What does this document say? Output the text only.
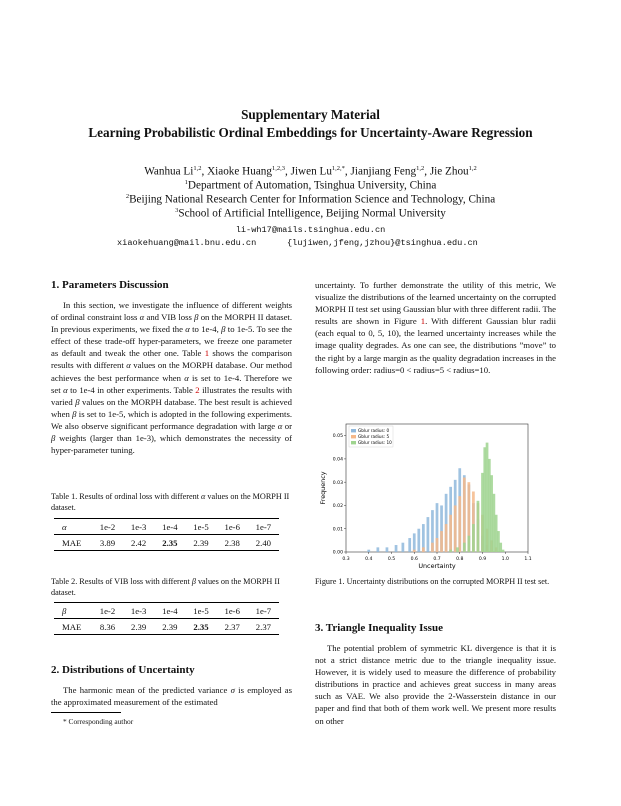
Supplementary Material
Learning Probabilistic Ordinal Embeddings for Uncertainty-Aware Regression
Wanhua Li$^{1,2}$, Xiaoke Huang$^{1,2,3}$, Jiwen $Lu^{1,2,*}$, Jianjiang Feng$^{1,2}$, Jie Zhou$^{1,2}$
$^1$Department of Automation, Tsinghua University, China
$^2$Beijing National Research Center for Information Science and Technology, China
$^3$School of Artificial Intelligence, Beijing Normal University
li-wh17@mails.tsinghua.edu.cn
xiaokehuang@mail.bnu.edu.cn	{lujiwen,jfeng,jzhou}@tsinghua.edu.cn
1. Parameters Discussion

In this section, we investigate the influence of different weights of ordinal constraint loss α and VIB loss β on the MORPH II dataset. In previous experiments, we fixed the α to 1e-4, β to 1e-5. To see the effect of these trade-off hyper-parameters, we freeze one parameter as default and tweak the other one. Table 1 shows the comparison results with different α values on the MORPH database. Our method achieves the best performance when α is set to 1e-4. Therefore we set α to 1e-4 in other experiments. Table 2 illustrates the results with varied β values on the MORPH database. The best result is achieved when β is set to 1e-5, which is adopted in the following experiments. We also observe significant performance degradation with large α or β weights (larger than 1e-3), which demonstrates the necessity of hyper-parameter tuning.

Table 1. Results of ordinal loss with different α values on the MORPH II dataset.
α	1e-2	1e-3	1e-4	1e-5	1e-6	1e-7
MAE	3.89	2.42	2.35	2.39	2.38	2.40
Table 2. Results of VIB loss with different β values on the MORPH II dataset.
β	1e-2	1e-3	1e-4	1e-5	1e-6	1e-7
MAE	8.36	2.39	2.39	2.35	2.37	2.37
2. Distributions of Uncertainty

The harmonic mean of the predicted variance σ is employed as the approximated measurement of the estimated

* Corresponding author

uncertainty. To further demonstrate the utility of this metric, We visualize the distributions of the learned uncertainty on the corrupted MORPH II test set using Gaussian blur with three different radii. The results are shown in Figure 1. With different Gaussian blur radii (each equal to 0, 5, 10), the learned uncertainty increases while the image quality degrades. As one can see, the distributions ”move” to the right by a large margin as the quality degradation increases in the following order: radius=0 < radius=5 < radius=10.

0.3	0.4	0.5	0.6	0.7	0.8	0.9	1.0	1.1
0.00
0.01
0.02
0.03
0.04
0.05
Uncertainty
Frequency
Gblur radius: 0
Gblur radius: 5
Gblur radius: 10
Figure 1. Uncertainty distributions on the corrupted MORPH II test set.
3. Triangle Inequality Issue

The potential problem of symmetric KL divergence is that it is not a strict distance metric due to the triangle inequality issue. However, it is widely used to measure the difference of probability distributions in practice and achieves great success in many areas such as VAE. We also provide the 2-Wasserstein distance in our paper and find that both of them work well. We present more results on other
